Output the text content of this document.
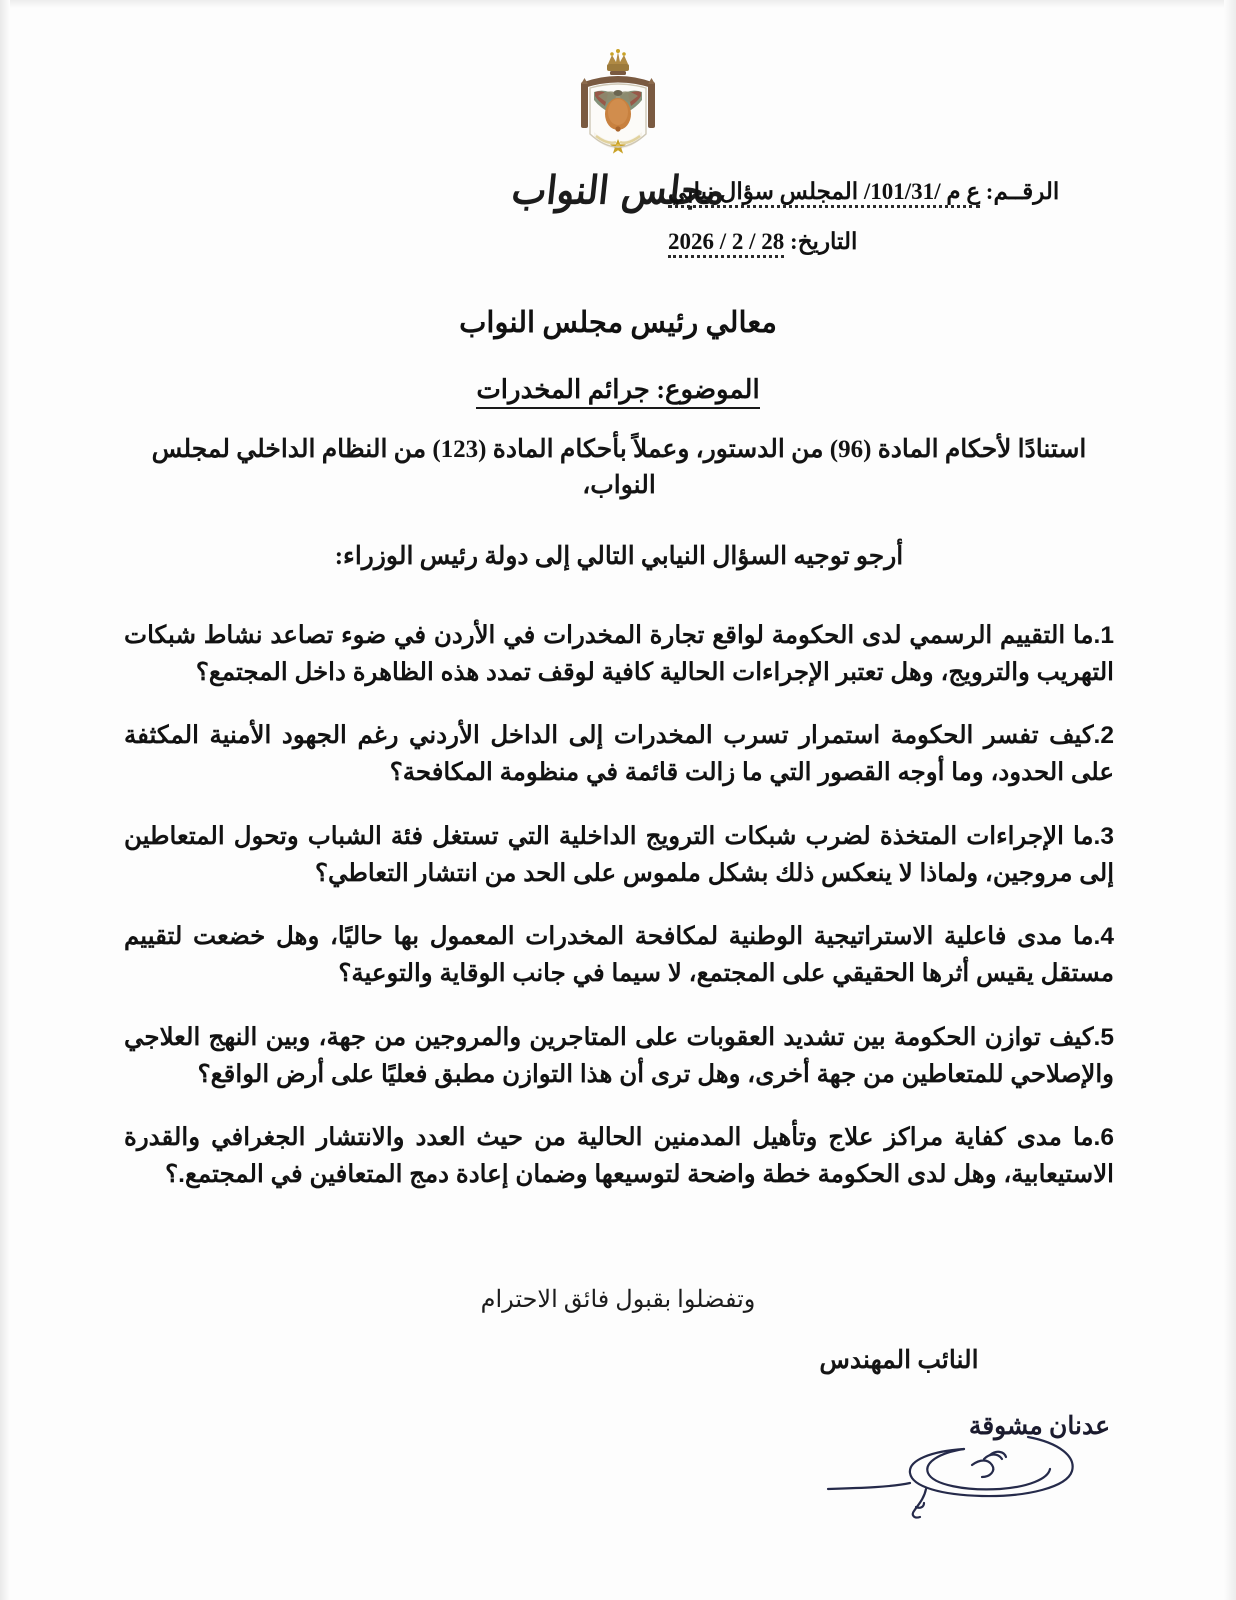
مجلس النواب	الرقــم: ع م /101/31/ المجلس سؤال نيابي
التاريخ: 28 / 2 / 2026
معالي رئيس مجلس النواب
الموضوع: جرائم المخدرات

استنادًا لأحكام المادة (96) من الدستور، وعملاً بأحكام المادة (123) من النظام الداخلي لمجلس النواب،

أرجو توجيه السؤال النيابي التالي إلى دولة رئيس الوزراء:

1.ما التقييم الرسمي لدى الحكومة لواقع تجارة المخدرات في الأردن في ضوء تصاعد نشاط شبكات التهريب والترويج، وهل تعتبر الإجراءات الحالية كافية لوقف تمدد هذه الظاهرة داخل المجتمع؟
2.كيف تفسر الحكومة استمرار تسرب المخدرات إلى الداخل الأردني رغم الجهود الأمنية المكثفة على الحدود، وما أوجه القصور التي ما زالت قائمة في منظومة المكافحة؟
3.ما الإجراءات المتخذة لضرب شبكات الترويج الداخلية التي تستغل فئة الشباب وتحول المتعاطين إلى مروجين، ولماذا لا ينعكس ذلك بشكل ملموس على الحد من انتشار التعاطي؟
4.ما مدى فاعلية الاستراتيجية الوطنية لمكافحة المخدرات المعمول بها حاليًا، وهل خضعت لتقييم مستقل يقيس أثرها الحقيقي على المجتمع، لا سيما في جانب الوقاية والتوعية؟
5.كيف توازن الحكومة بين تشديد العقوبات على المتاجرين والمروجين من جهة، وبين النهج العلاجي والإصلاحي للمتعاطين من جهة أخرى، وهل ترى أن هذا التوازن مطبق فعليًا على أرض الواقع؟
6.ما مدى كفاية مراكز علاج وتأهيل المدمنين الحالية من حيث العدد والانتشار الجغرافي والقدرة الاستيعابية، وهل لدى الحكومة خطة واضحة لتوسيعها وضمان إعادة دمج المتعافين في المجتمع.؟
وتفضلوا بقبول فائق الاحترام
النائب المهندس
عدنان مشوقة
